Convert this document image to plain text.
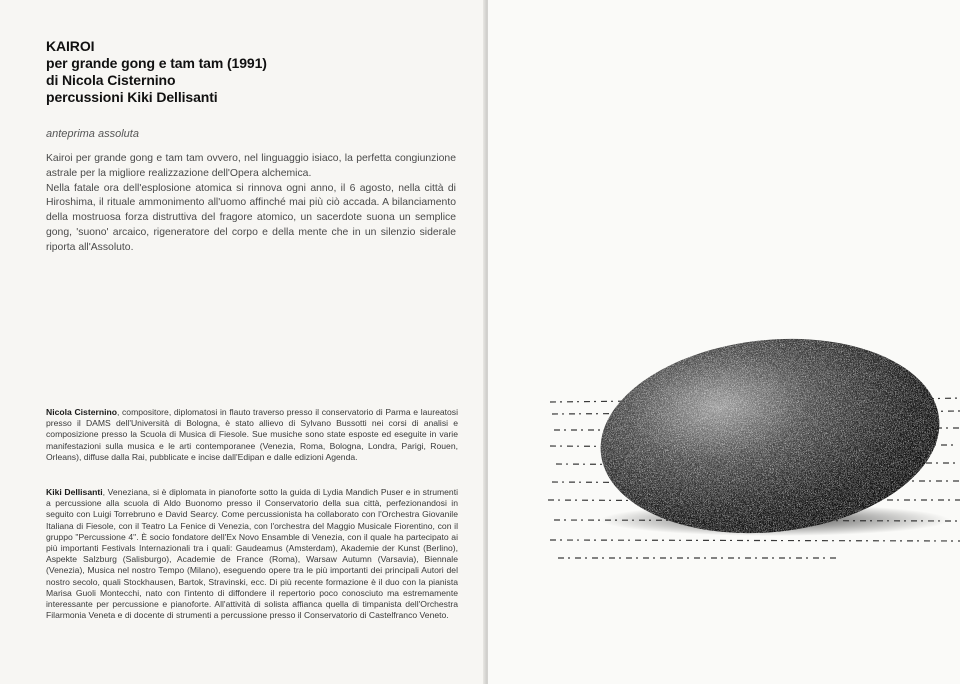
KAIROI
per grande gong e tam tam (1991)
di Nicola Cisternino
percussioni Kiki Dellisanti
anteprima assoluta

Kairoi per grande gong e tam tam ovvero, nel linguaggio isiaco, la perfetta congiunzione astrale per la migliore realizzazione dell'Opera alchemica.

Nella fatale ora dell'esplosione atomica si rinnova ogni anno, il 6 agosto, nella città di Hiroshima, il rituale ammonimento all'uomo affinché mai più ciò accada. A bilanciamento della mostruosa forza distruttiva del fragore atomico, un sacerdote suona un semplice gong, 'suono' arcaico, rigeneratore del corpo e della mente che in un silenzio siderale riporta all'Assoluto.

Nicola Cisternino, compositore, diplomatosi in flauto traverso presso il conservatorio di Parma e laureatosi presso il DAMS dell'Università di Bologna, è stato allievo di Sylvano Bussotti nei corsi di analisi e composizione presso la Scuola di Musica di Fiesole. Sue musiche sono state esposte ed eseguite in varie manifestazioni sulla musica e le arti contemporanee (Venezia, Roma, Bologna, Londra, Parigi, Rouen, Orleans), diffuse dalla Rai, pubblicate e incise dall'Edipan e dalle edizioni Agenda.

Kiki Dellisanti, Veneziana, si è diplomata in pianoforte sotto la guida di Lydia Mandich Puser e in strumenti a percussione alla scuola di Aldo Buonomo presso il Conservatorio della sua città, perfezionandosi in seguito con Luigi Torrebruno e David Searcy. Come percussionista ha collaborato con l'Orchestra Giovanile Italiana di Fiesole, con il Teatro La Fenice di Venezia, con l'orchestra del Maggio Musicale Fiorentino, con il gruppo "Percussione 4". È socio fondatore dell'Ex Novo Ensamble di Venezia, con il quale ha partecipato ai più importanti Festivals Internazionali tra i quali: Gaudeamus (Amsterdam), Akademie der Kunst (Berlino), Aspekte Salzburg (Salisburgo), Academie de France (Roma), Warsaw Autumn (Varsavia), Biennale (Venezia), Musica nel nostro Tempo (Milano), eseguendo opere tra le più importanti dei principali Autori del nostro secolo, quali Stockhausen, Bartok, Stravinski, ecc. Di più recente formazione è il duo con la pianista Marisa Guoli Montecchi, nato con l'intento di diffondere il repertorio poco conosciuto ma estremamente interessante per percussione e pianoforte. All'attività di solista affianca quella di timpanista dell'Orchestra Filarmonia Veneta e di docente di strumenti a percussione presso il Conservatorio di Castelfranco Veneto.
